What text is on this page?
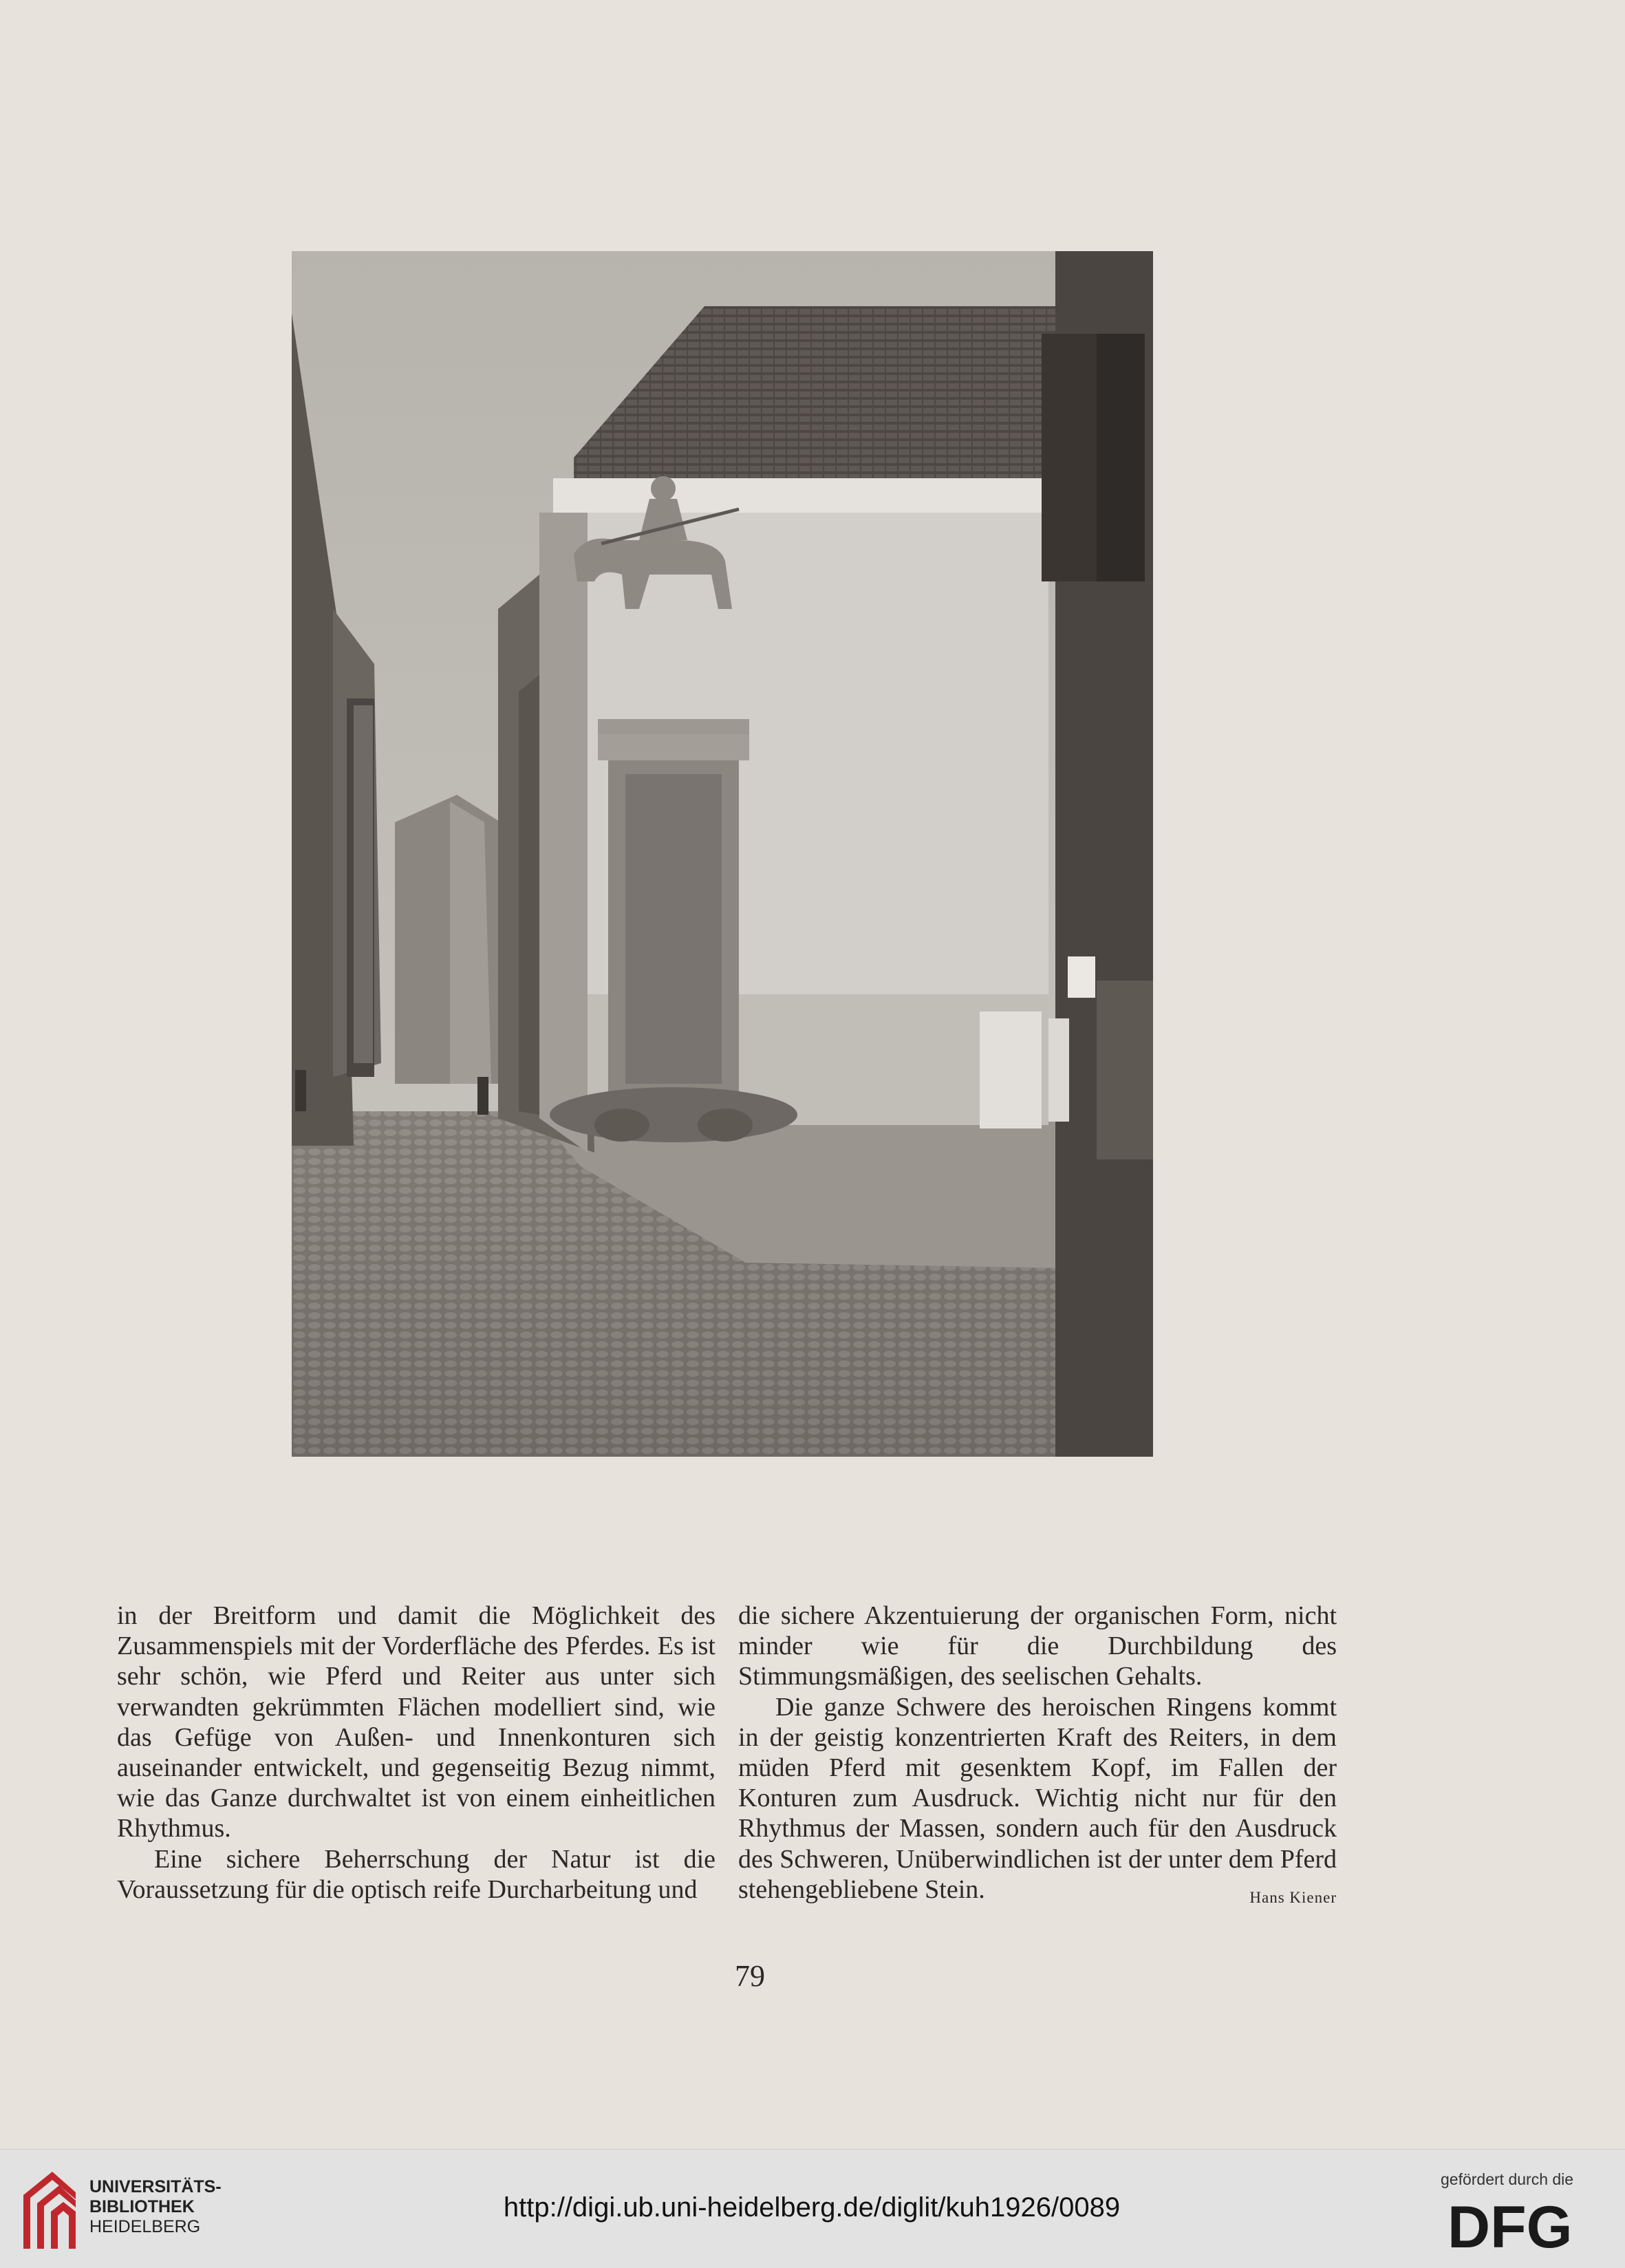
in der Breitform und damit die Möglichkeit des Zusammenspiels mit der Vorderfläche des Pferdes. Es ist sehr schön, wie Pferd und Reiter aus unter sich verwandten gekrümmten Flächen modelliert sind, wie das Gefüge von Außen- und Innenkonturen sich auseinander entwickelt, und gegenseitig Bezug nimmt, wie das Ganze durchwaltet ist von einem einheitlichen Rhythmus.

Eine sichere Beherrschung der Natur ist die Voraussetzung für die optisch reife Durcharbeitung und

die sichere Akzentuierung der organischen Form, nicht minder wie für die Durchbildung des Stimmungsmäßigen, des seelischen Gehalts.

Die ganze Schwere des heroischen Ringens kommt in der geistig konzentrierten Kraft des Reiters, in dem müden Pferd mit gesenktem Kopf, im Fallen der Konturen zum Ausdruck. Wichtig nicht nur für den Rhythmus der Massen, sondern auch für den Ausdruck des Schweren, Unüberwindlichen ist der unter dem Pferd stehengebliebene Stein.	Hans Kiener

79
UNIVERSITÄTS-
BIBLIOTHEK
HEIDELBERG
http://digi.ub.uni-heidelberg.de/diglit/kuh1926/0089
gefördert durch die
DFG
